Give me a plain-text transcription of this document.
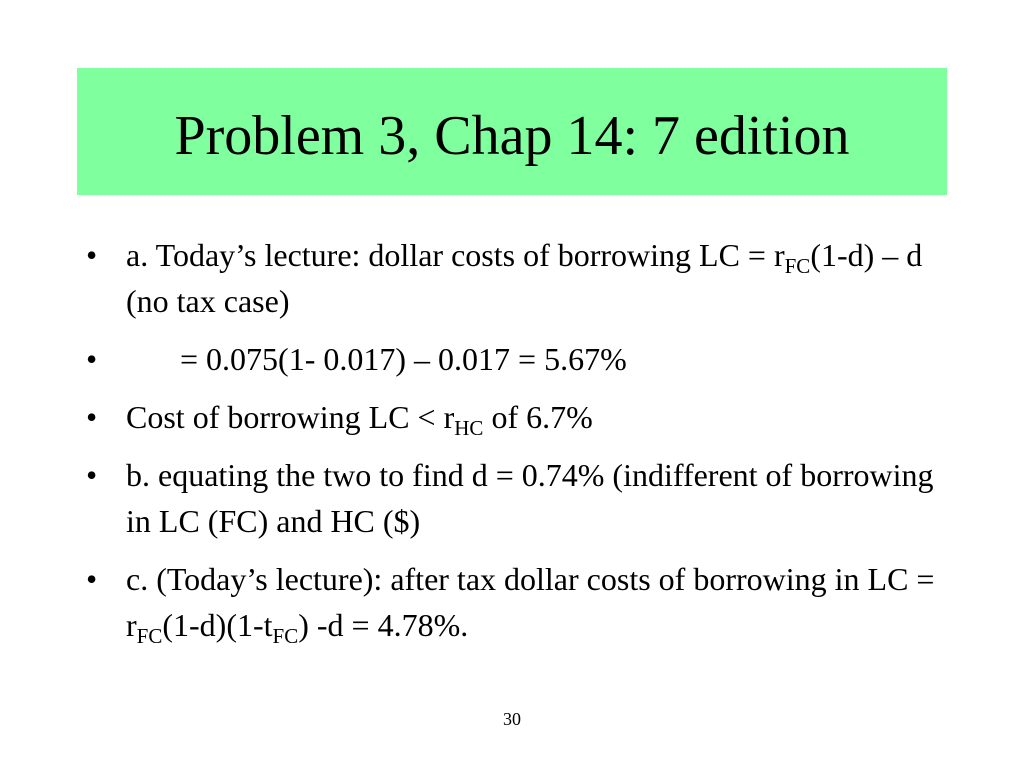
Problem 3, Chap 14: 7 edition
• a. Today’s lecture: dollar costs of borrowing LC = $r_{FC}(1-d)$ – d (no tax case)
•	= 0.075(1- 0.017) – 0.017 = 5.67%
• Cost of borrowing LC < $r_{HC}$ of 6.7%
• b. equating the two to find d = 0.74% (indifferent of borrowing in LC (FC) and HC ($)
• c. (Today’s lecture): after tax dollar costs of borrowing in LC = $r_{FC}(1-d)(1-t_{FC}) -d = 4.78\%$.
30
